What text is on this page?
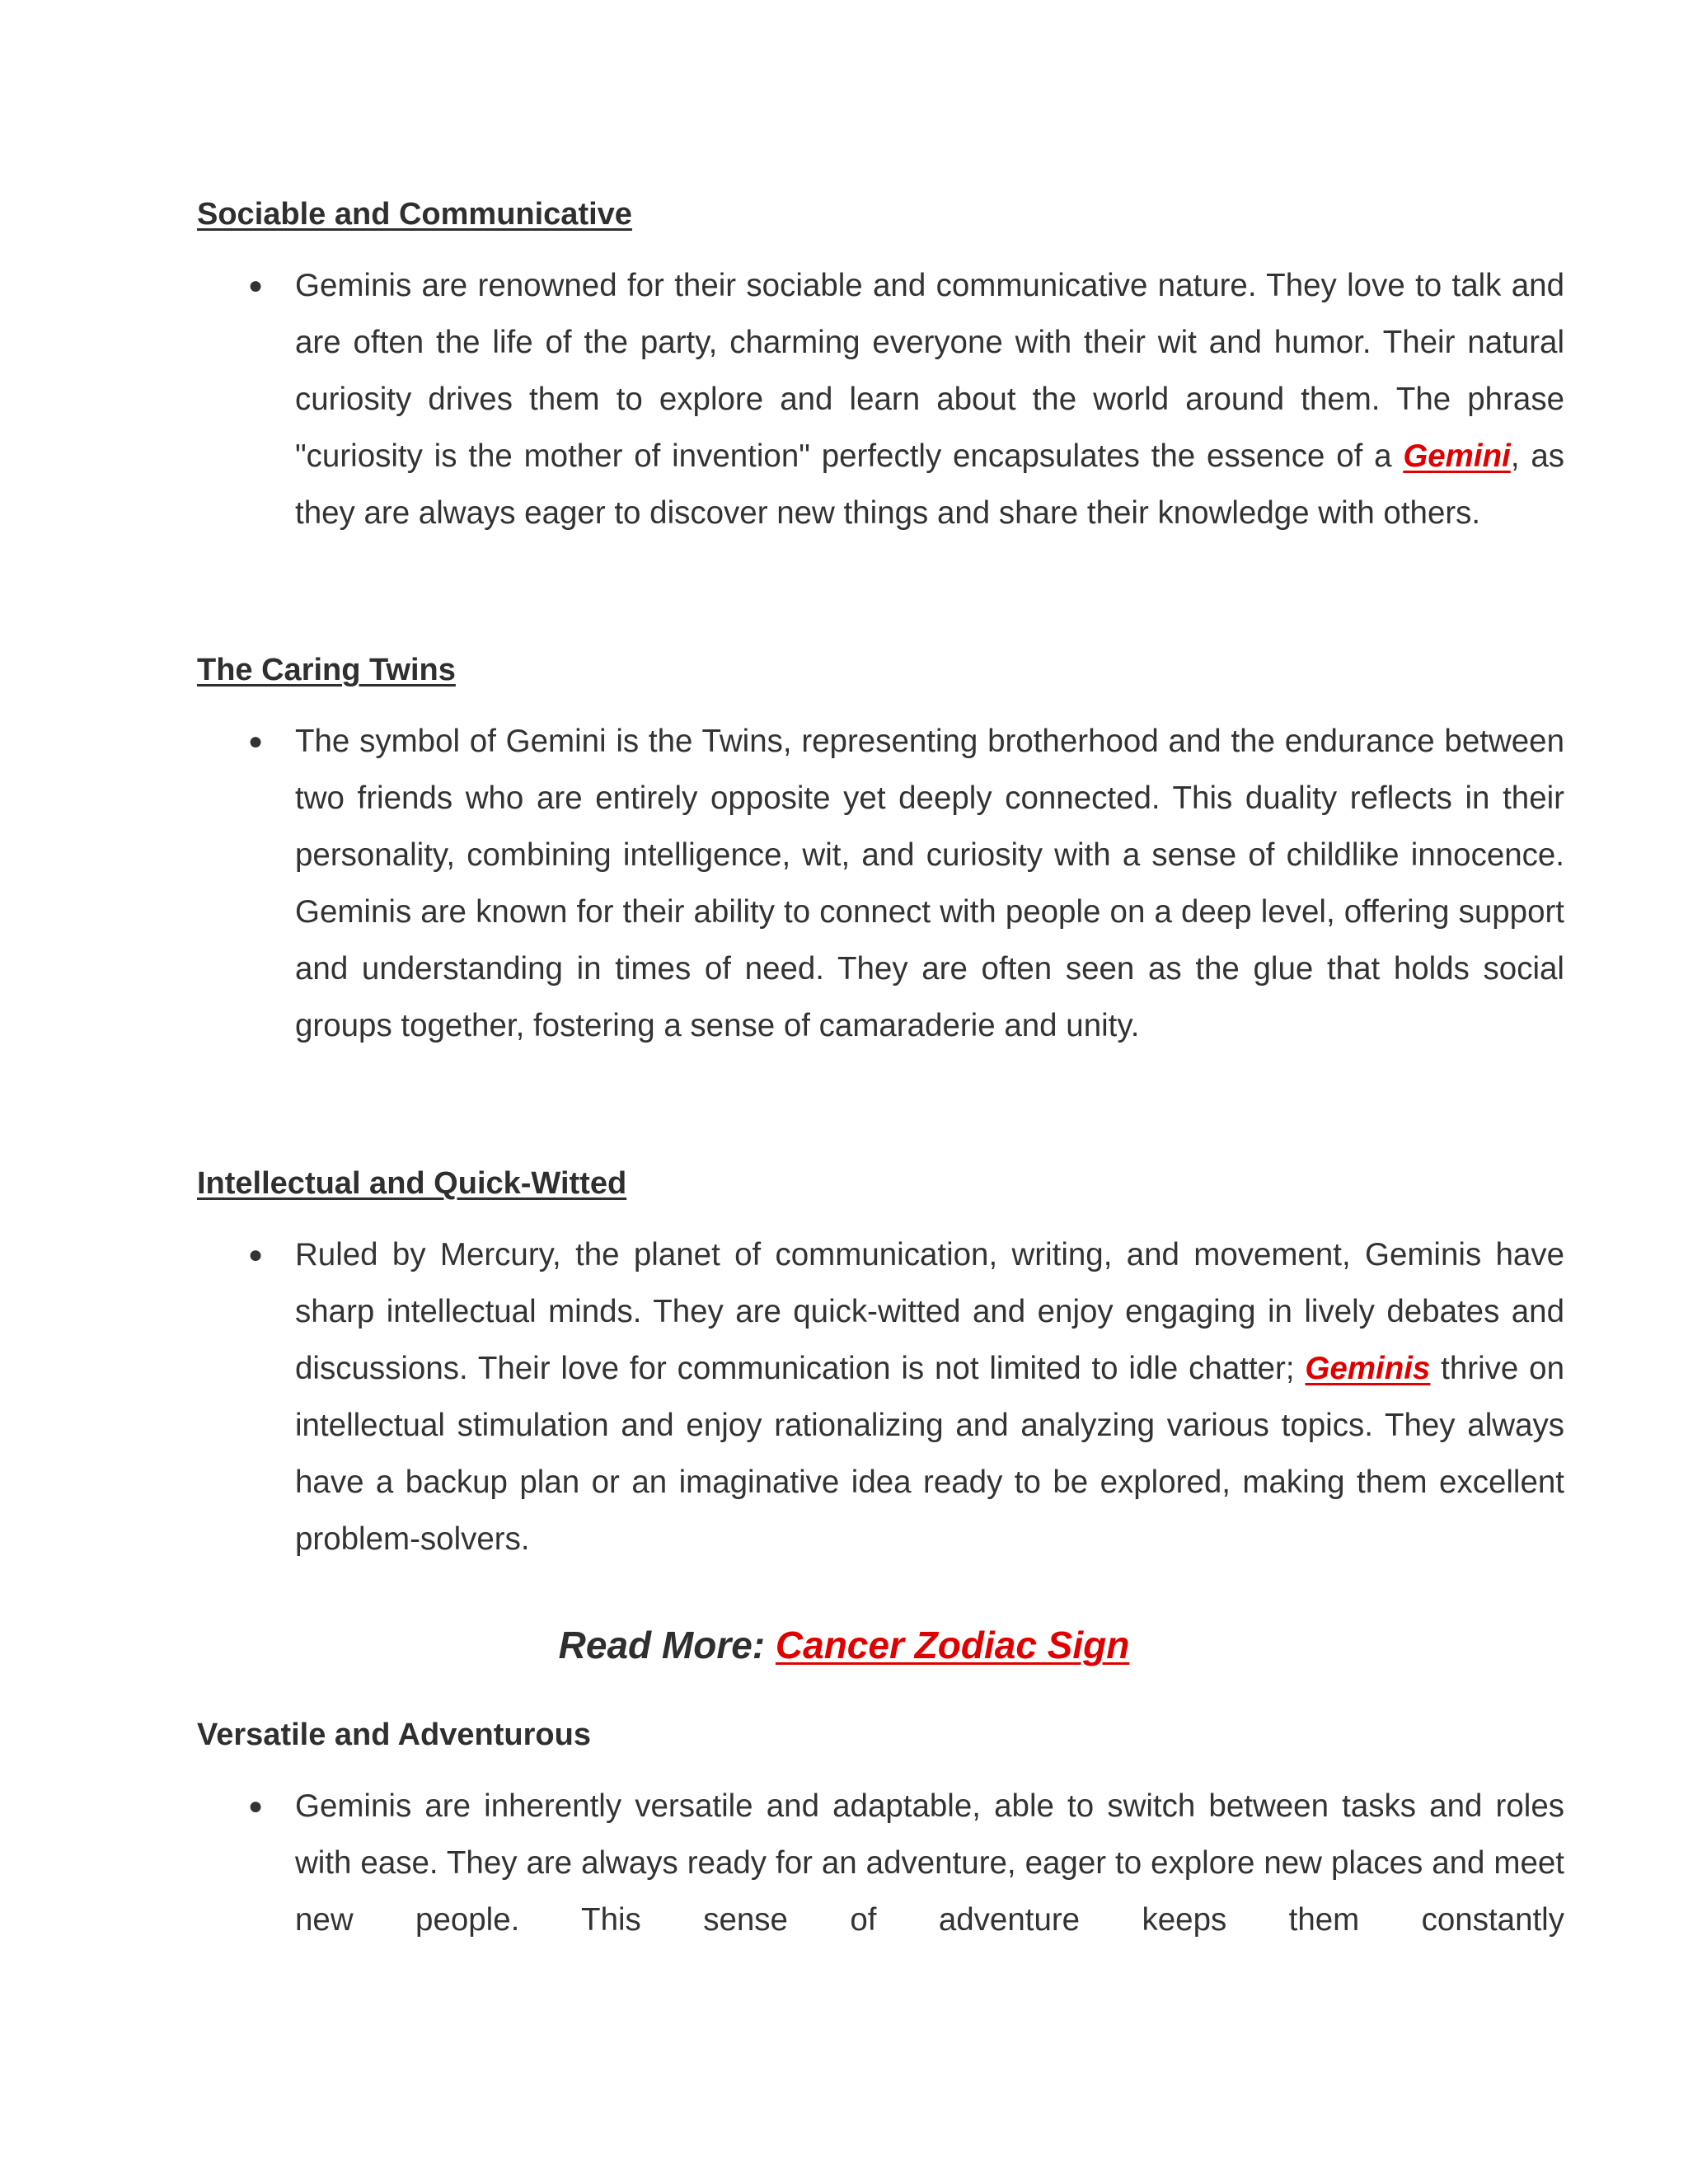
Sociable and Communicative
● Geminis are renowned for their sociable and communicative nature. They love to talk and are often the life of the party, charming everyone with their wit and humor. Their natural curiosity drives them to explore and learn about the world around them. The phrase "curiosity is the mother of invention" perfectly encapsulates the essence of a Gemini, as they are always eager to discover new things and share their knowledge with others.

The Caring Twins
● The symbol of Gemini is the Twins, representing brotherhood and the endurance between two friends who are entirely opposite yet deeply connected. This duality reflects in their personality, combining intelligence, wit, and curiosity with a sense of childlike innocence. Geminis are known for their ability to connect with people on a deep level, offering support and understanding in times of need. They are often seen as the glue that holds social groups together, fostering a sense of camaraderie and unity.

Intellectual and Quick-Witted
● Ruled by Mercury, the planet of communication, writing, and movement, Geminis have sharp intellectual minds. They are quick-witted and enjoy engaging in lively debates and discussions. Their love for communication is not limited to idle chatter; Geminis thrive on intellectual stimulation and enjoy rationalizing and analyzing various topics. They always have a backup plan or an imaginative idea ready to be explored, making them excellent problem-solvers.

Read More: Cancer Zodiac Sign

Versatile and Adventurous
● Geminis are inherently versatile and adaptable, able to switch between tasks and roles with ease. They are always ready for an adventure, eager to explore new places and meet new people. This sense of adventure keeps them constantly
